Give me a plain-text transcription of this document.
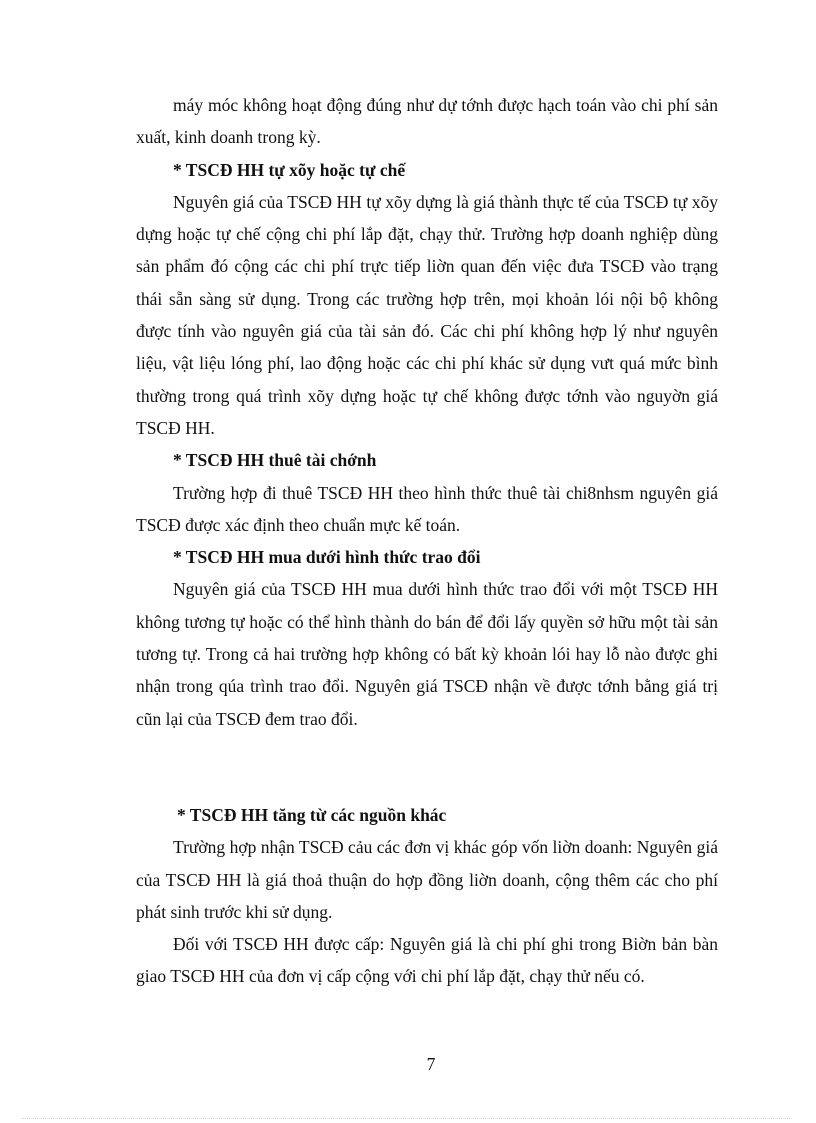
máy móc không hoạt động đúng như dự tớnh được hạch toán vào chi phí sản xuất, kinh doanh trong kỳ.

* TSCĐ HH tự xõy hoặc tự chế

Nguyên giá của TSCĐ HH tự xõy dựng là giá thành thực tế của TSCĐ tự xõy dựng hoặc tự chế cộng chi phí lắp đặt, chạy thử. Trường hợp doanh nghiệp dùng sản phẩm đó cộng các chi phí trực tiếp liờn quan đến việc đưa TSCĐ vào trạng thái sẵn sàng sử dụng. Trong các trường hợp trên, mọi khoản lói nội bộ không được tính vào nguyên giá của tài sản đó. Các chi phí không hợp lý như nguyên liệu, vật liệu lóng phí, lao động hoặc các chi phí khác sử dụng vưt quá mức bình thường trong quá trình xõy dựng hoặc tự chế không được tớnh vào nguyờn giá TSCĐ HH.

* TSCĐ HH thuê tài chớnh

Trường hợp đi thuê TSCĐ HH theo hình thức thuê tài chi8nhsm nguyên giá TSCĐ được xác định theo chuẩn mực kế toán.

* TSCĐ HH mua dưới hình thức trao đổi

Nguyên giá của TSCĐ HH mua dưới hình thức trao đổi với một TSCĐ HH không tương tự hoặc có thể hình thành do bán để đổi lấy quyền sở hữu một tài sản tương tự. Trong cả hai trường hợp không có bất kỳ khoản lói hay lỗ nào được ghi nhận trong qúa trình trao đổi. Nguyên giá TSCĐ nhận về được tớnh bằng giá trị cũn lại của TSCĐ đem trao đổi.

* TSCĐ HH tăng từ các nguồn khác

Trường hợp nhận TSCĐ cảu các đơn vị khác góp vốn liờn doanh: Nguyên giá của TSCĐ HH là giá thoả thuận do hợp đồng liờn doanh, cộng thêm các cho phí phát sinh trước khi sử dụng.

Đối với TSCĐ HH được cấp: Nguyên giá là chi phí ghi trong Biờn bản bàn giao TSCĐ HH của đơn vị cấp cộng với chi phí lắp đặt, chạy thử nếu có.

7
